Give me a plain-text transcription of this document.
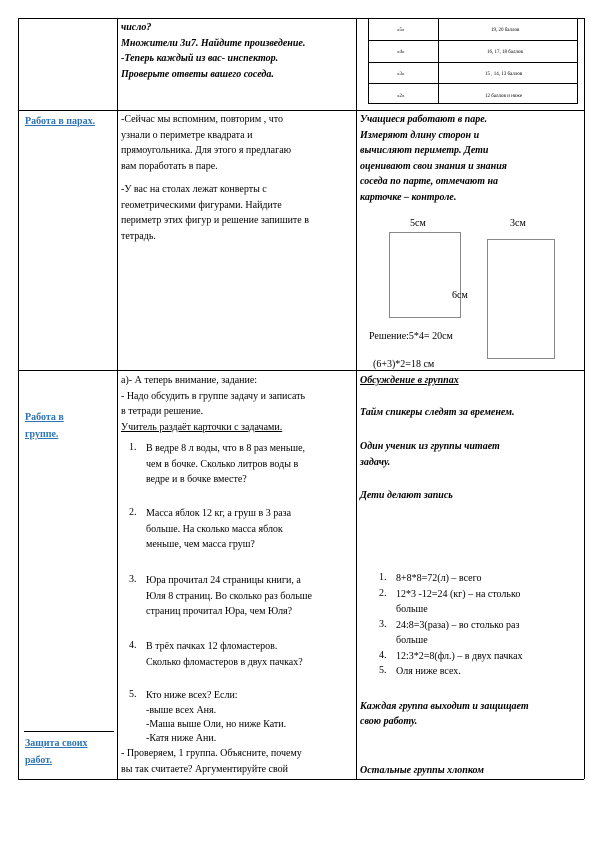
«5»	19, 20 баллов
«4»	16, 17, 18 баллов
«3»	15 , 14, 13 баллов
«2»	12 баллов и ниже
число?
Множители 3и7. Найдите произведение.
-Теперь каждый из вас- инспектор.
Проверьте ответы вашего соседа.
Работа в парах.	-Сейчас мы вспомним, повторим , что
узнали о периметре квадрата и
прямоугольника. Для этого я предлагаю
вам поработать в паре.
-У вас на столах лежат конверты с
геометрическими фигурами. Найдите
периметр этих фигур и решение запишите в
тетрадь.
Учащиеся работают в паре.
Измеряют длину сторон и
вычисляют периметр. Дети
оценивают свои знания и знания
соседа по парте, отмечают на
карточке – контроле.
5см	3см
6см
Решение:5*4= 20см
(6+3)*2=18 см
Работа в группе.
Защита своих работ.
а)- А теперь внимание, задание:
- Надо обсудить в группе задачу и записать
в тетради решение.
Учитель раздаёт карточки с задачами.
1. В ведре 8 л воды, что в 8 раз меньше,
чем в бочке. Сколько литров воды в
ведре и в бочке вместе?
2. Масса яблок 12 кг, а груш в 3 раза
больше. На сколько масса яблок
меньше, чем масса груш?
3. Юра прочитал 24 страницы книги, а
Юля 8 страниц. Во сколько раз больше
страниц прочитал Юра, чем Юля?
4. В трёх пачках 12 фломастеров.
Сколько фломастеров в двух пачках?
5. Кто ниже всех? Если:
-выше всех Аня.
-Маша выше Оли, но ниже Кати.
-Катя ниже Ани.
- Проверяем, 1 группа. Объясните, почему
вы так считаете? Аргументируйте свой
Обсуждение в группах
Тайм спикеры следят за временем.
Один ученик из группы читает
задачу.
Дети делают запись
1. 8+8*8=72(л) – всего
2. 12*3 -12=24 (кг) – на столько
больше
3. 24:8=3(раза) – во столько раз
больше
4. 12:3*2=8(фл.) – в двух пачках
5. Оля ниже всех.
Каждая группа выходит и защищает
свою работу.
Остальные группы хлопком
